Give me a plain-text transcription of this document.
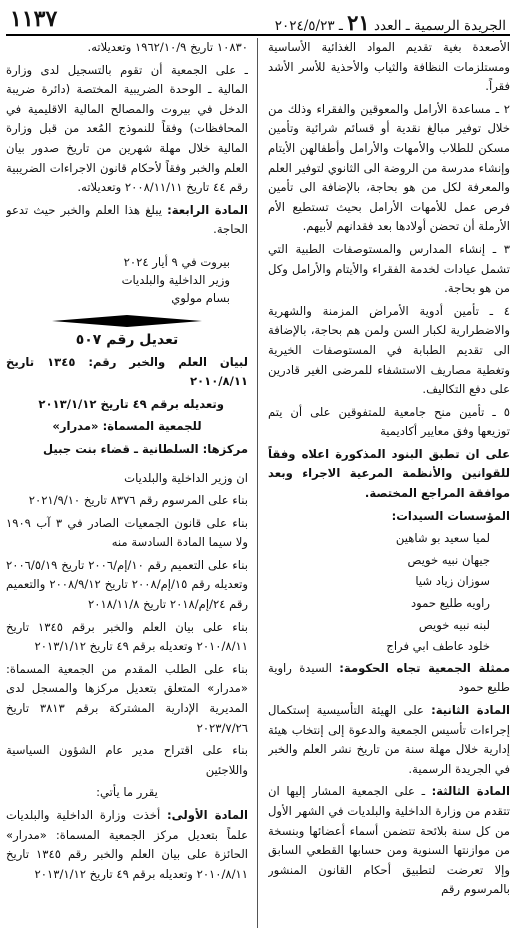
الجريدة الرسمية ـ العدد ٢١ ـ ٢٠٢٤/٥/٢٣
١١٣٧

الأصعدة بغية تقديم المواد الغذائية الأساسية ومستلزمات النظافة والثياب والأحذية للأسر الأشد فقراً.

٢ ـ مساعدة الأرامل والمعوقين والفقراء وذلك من خلال توفير مبالغ نقدية أو قسائم شرائية وتأمين مسكن للطلاب والأمهات والأرامل وأطفالهن الأيتام وإنشاء مدرسة من الروضة الى الثانوي لتوفير العلم والمعرفة لكل من هو بحاجة، بالإضافة الى تأمين فرص عمل للأمهات الأرامل بحيث تستطيع الأم الأرملة أن تحضن أولادها بعد فقدانهم لأبيهم.

٣ ـ إنشاء المدارس والمستوصفات الطبية التي تشمل عيادات لخدمة الفقراء والأيتام والأرامل وكل من هو بحاجة.

٤ ـ تأمين أدوية الأمراض المزمنة والشهرية والاضطرارية لكبار السن ولمن هم بحاجة، بالإضافة الى تقديم الطبابة في المستوصفات الخيرية وتغطية مصاريف الاستشفاء للمرضى الغير قادرين على دفع التكاليف.

٥ ـ تأمين منح جامعية للمتفوقين على أن يتم توزيعها وفق معايير أكاديمية

على ان تطبق البنود المذكورة اعلاه وفقاً للقوانين والأنظمة المرعية الاجراء وبعد موافقة المراجع المختصة.

المؤسسات السيدات:

لميا سعيد بو شاهين
جيهان نبيه خويص
سوزان زياد شيا
راويه طليع حمود
لبنه نبيه خويص
خلود عاطف ابي فراج

ممثلة الجمعية تجاه الحكومة: السيدة راوية طليع حمود

المادة الثانية: على الهيئة التأسيسية إستكمال إجراءات تأسيس الجمعية والدعوة إلى إنتخاب هيئة إدارية خلال مهلة سنة من تاريخ نشر العلم والخبر في الجريدة الرسمية.

المادة الثالثة: ـ على الجمعية المشار إليها ان تتقدم من وزارة الداخلية والبلديات في الشهر الأول من كل سنة بلائحة تتضمن أسماء أعضائها وبنسخة من موازنتها السنوية ومن حسابها القطعي السابق وإلا تعرضت لتطبيق أحكام القانون المنشور بالمرسوم رقم

١٠٨٣٠ تاريخ ١٩٦٢/١٠/٩ وتعديلاته.

ـ على الجمعية أن تقوم بالتسجيل لدى وزارة المالية ـ الوحدة الضريبية المختصة (دائرة ضريبة الدخل في بيروت والمصالح المالية الاقليمية في المحافظات) وفقاً للنموذج المُعد من قبل وزارة المالية خلال مهلة شهرين من تاريخ صدور بيان العلم والخبر وفقاً لأحكام قانون الاجراءات الضريبية رقم ٤٤ تاريخ ٢٠٠٨/١١/١١ وتعديلاته.

المادة الرابعة: يبلغ هذا العلم والخبر حيث تدعو الحاجة.

بيروت في ٩ أيار ٢٠٢٤

وزير الداخلية والبلديات

بسام مولوي

تعديل رقم ٥٠٧

لبيان العلم والخبر رقم: ١٣٤٥ تاريخ ٢٠١٠/٨/١١

وتعديله برقم ٤٩ تاريخ ٢٠١٣/١/١٢

للجمعية المسماة: «مدرار»

مركزها: السلطانية ـ قضاء بنت جبيل

ان وزير الداخلية والبلديات

بناء على المرسوم رقم ٨٣٧٦ تاريخ ٢٠٢١/٩/١٠

بناء على قانون الجمعيات الصادر في ٣ آب ١٩٠٩ ولا سيما المادة السادسة منه

بناء على التعميم رقم ١٠/إم/٢٠٠٦ تاريخ ٢٠٠٦/٥/١٩ وتعديله رقم ١٥/إم/٢٠٠٨ تاريخ ٢٠٠٨/٩/١٢ والتعميم رقم ٢٤/إم/٢٠١٨ تاريخ ٢٠١٨/١١/٨

بناء على بيان العلم والخبر برقم ١٣٤٥ تاريخ ٢٠١٠/٨/١١ وتعديله برقم ٤٩ تاريخ ٢٠١٣/١/١٢

بناء على الطلب المقدم من الجمعية المسماة: «مدرار» المتعلق بتعديل مركزها والمسجل لدى المديرية الإدارية المشتركة برقم ٣٨١٣ تاريخ ٢٠٢٣/٧/٢٦

بناء على اقتراح مدير عام الشؤون السياسية واللاجئين

يقرر ما يأتي:

المادة الأولى: أخذت وزارة الداخلية والبلديات علماً بتعديل مركز الجمعية المسماة: «مدرار» الحائزة على بيان العلم والخبر رقم ١٣٤٥ تاريخ ٢٠١٠/٨/١١ وتعديله برقم ٤٩ تاريخ ٢٠١٣/١/١٢
